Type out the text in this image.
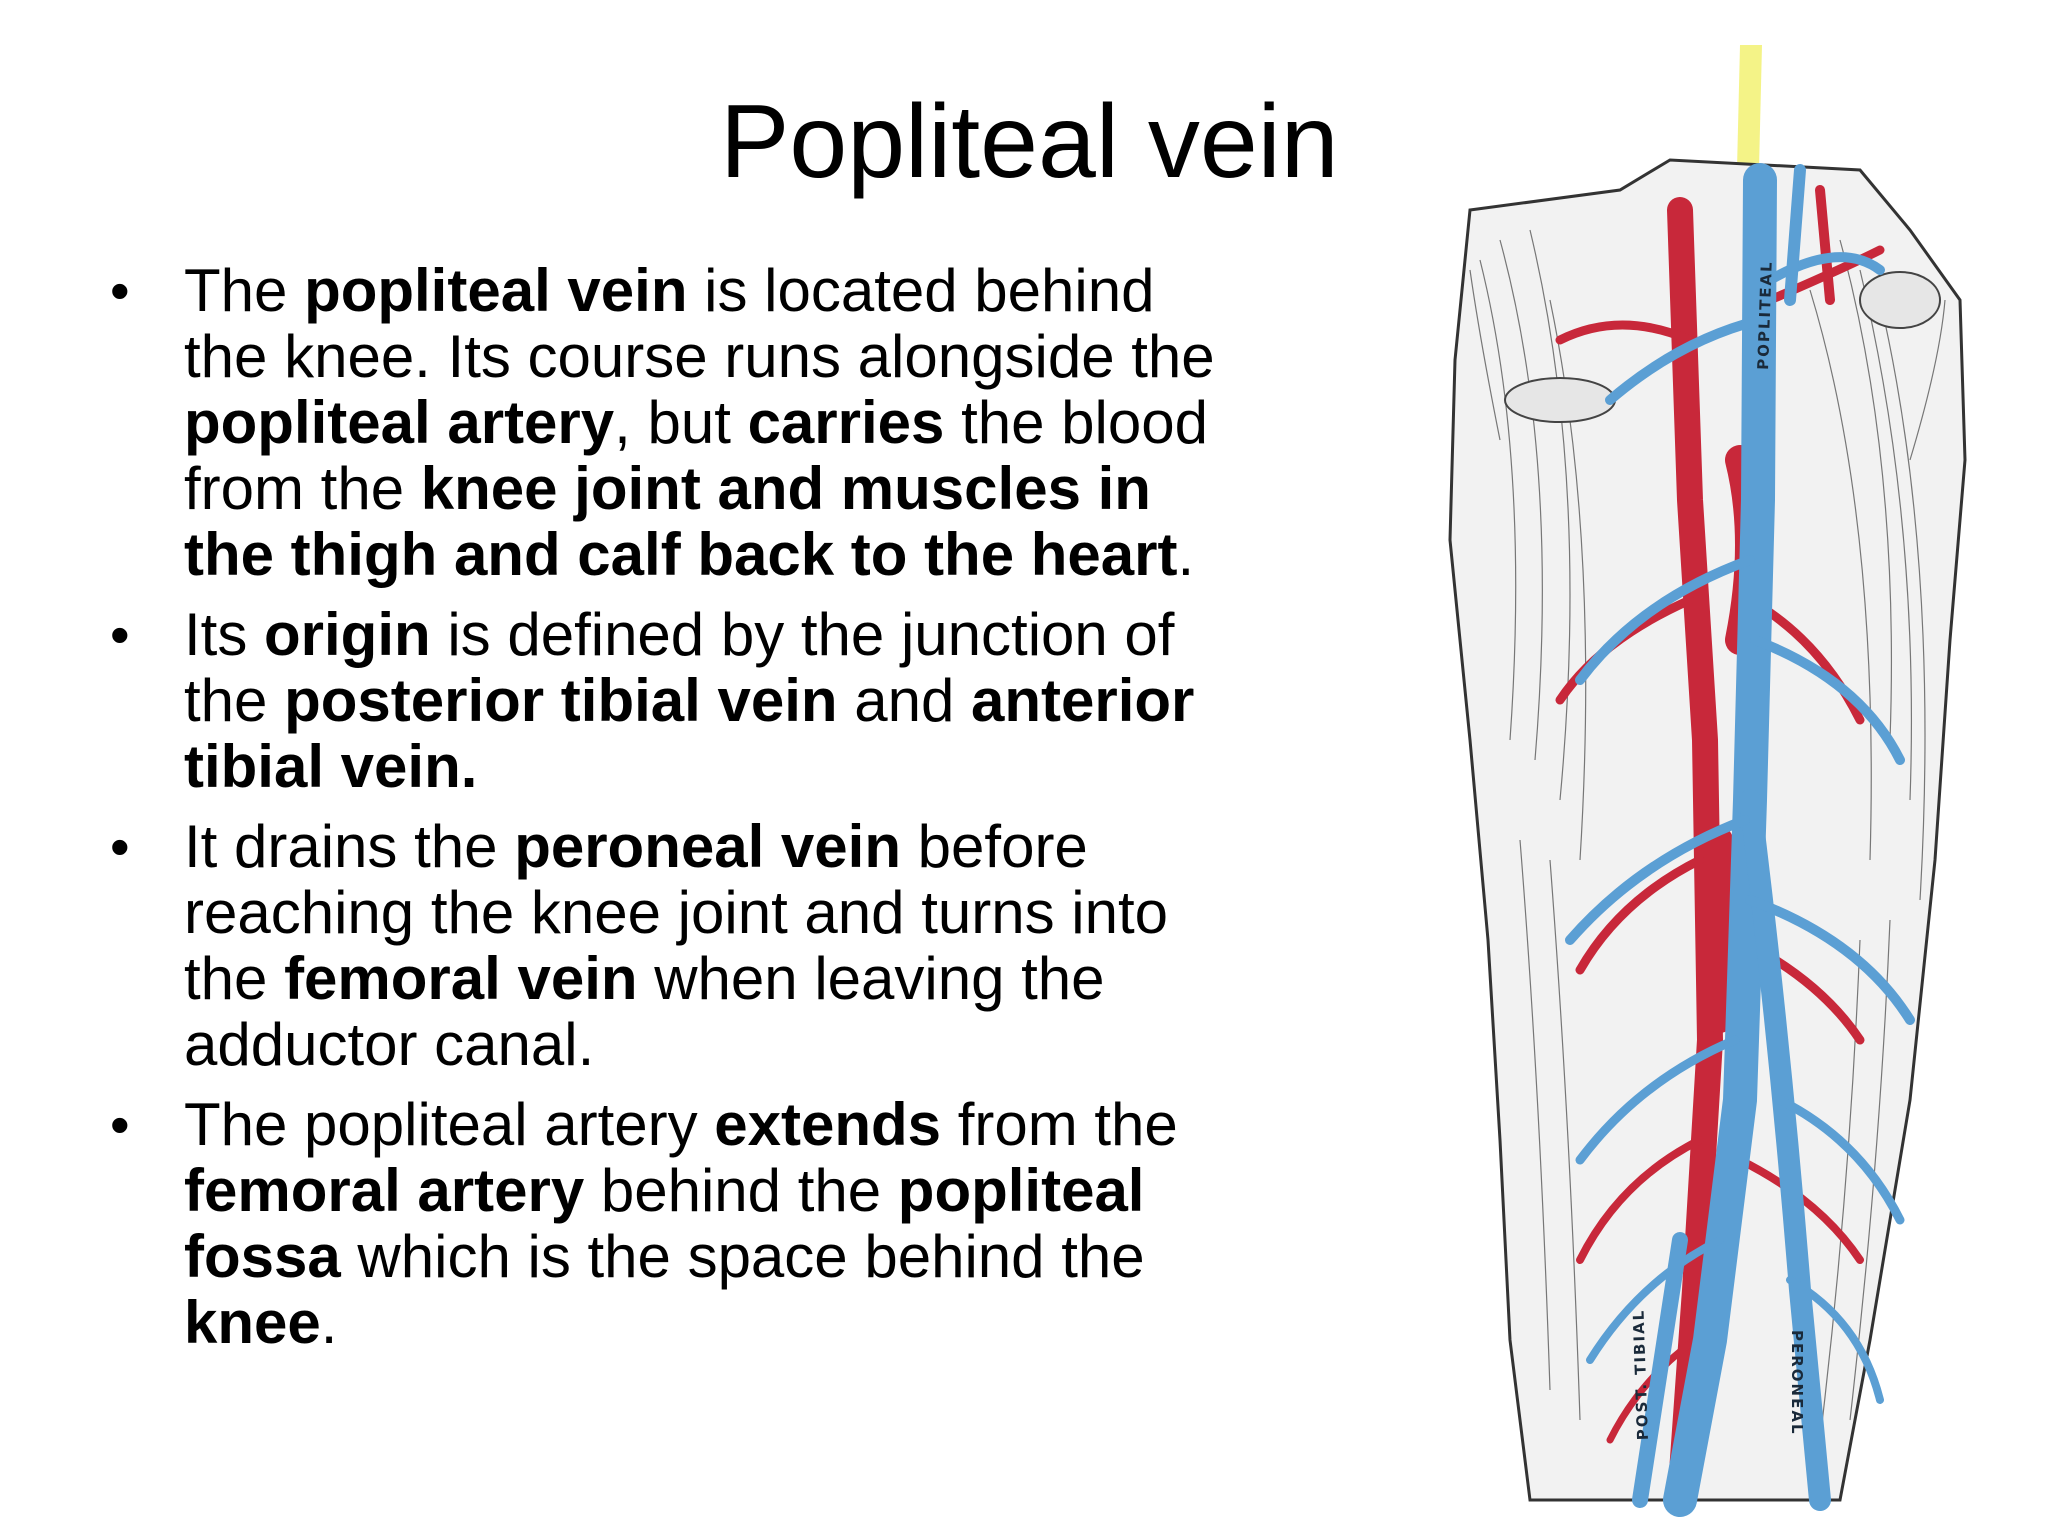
Popliteal vein
• The popliteal vein is located behind the knee. Its course runs alongside the popliteal artery, but carries the blood from the knee joint and muscles in the thigh and calf back to the heart.
• Its origin is defined by the junction of the posterior tibial vein and anterior tibial vein.
• It drains the peroneal vein before reaching the knee joint and turns into the femoral vein when leaving the adductor canal.
• The popliteal artery extends from the femoral artery behind the popliteal fossa which is the space behind the knee.
POPLITEAL
POST. TIBIAL	PERONEAL
